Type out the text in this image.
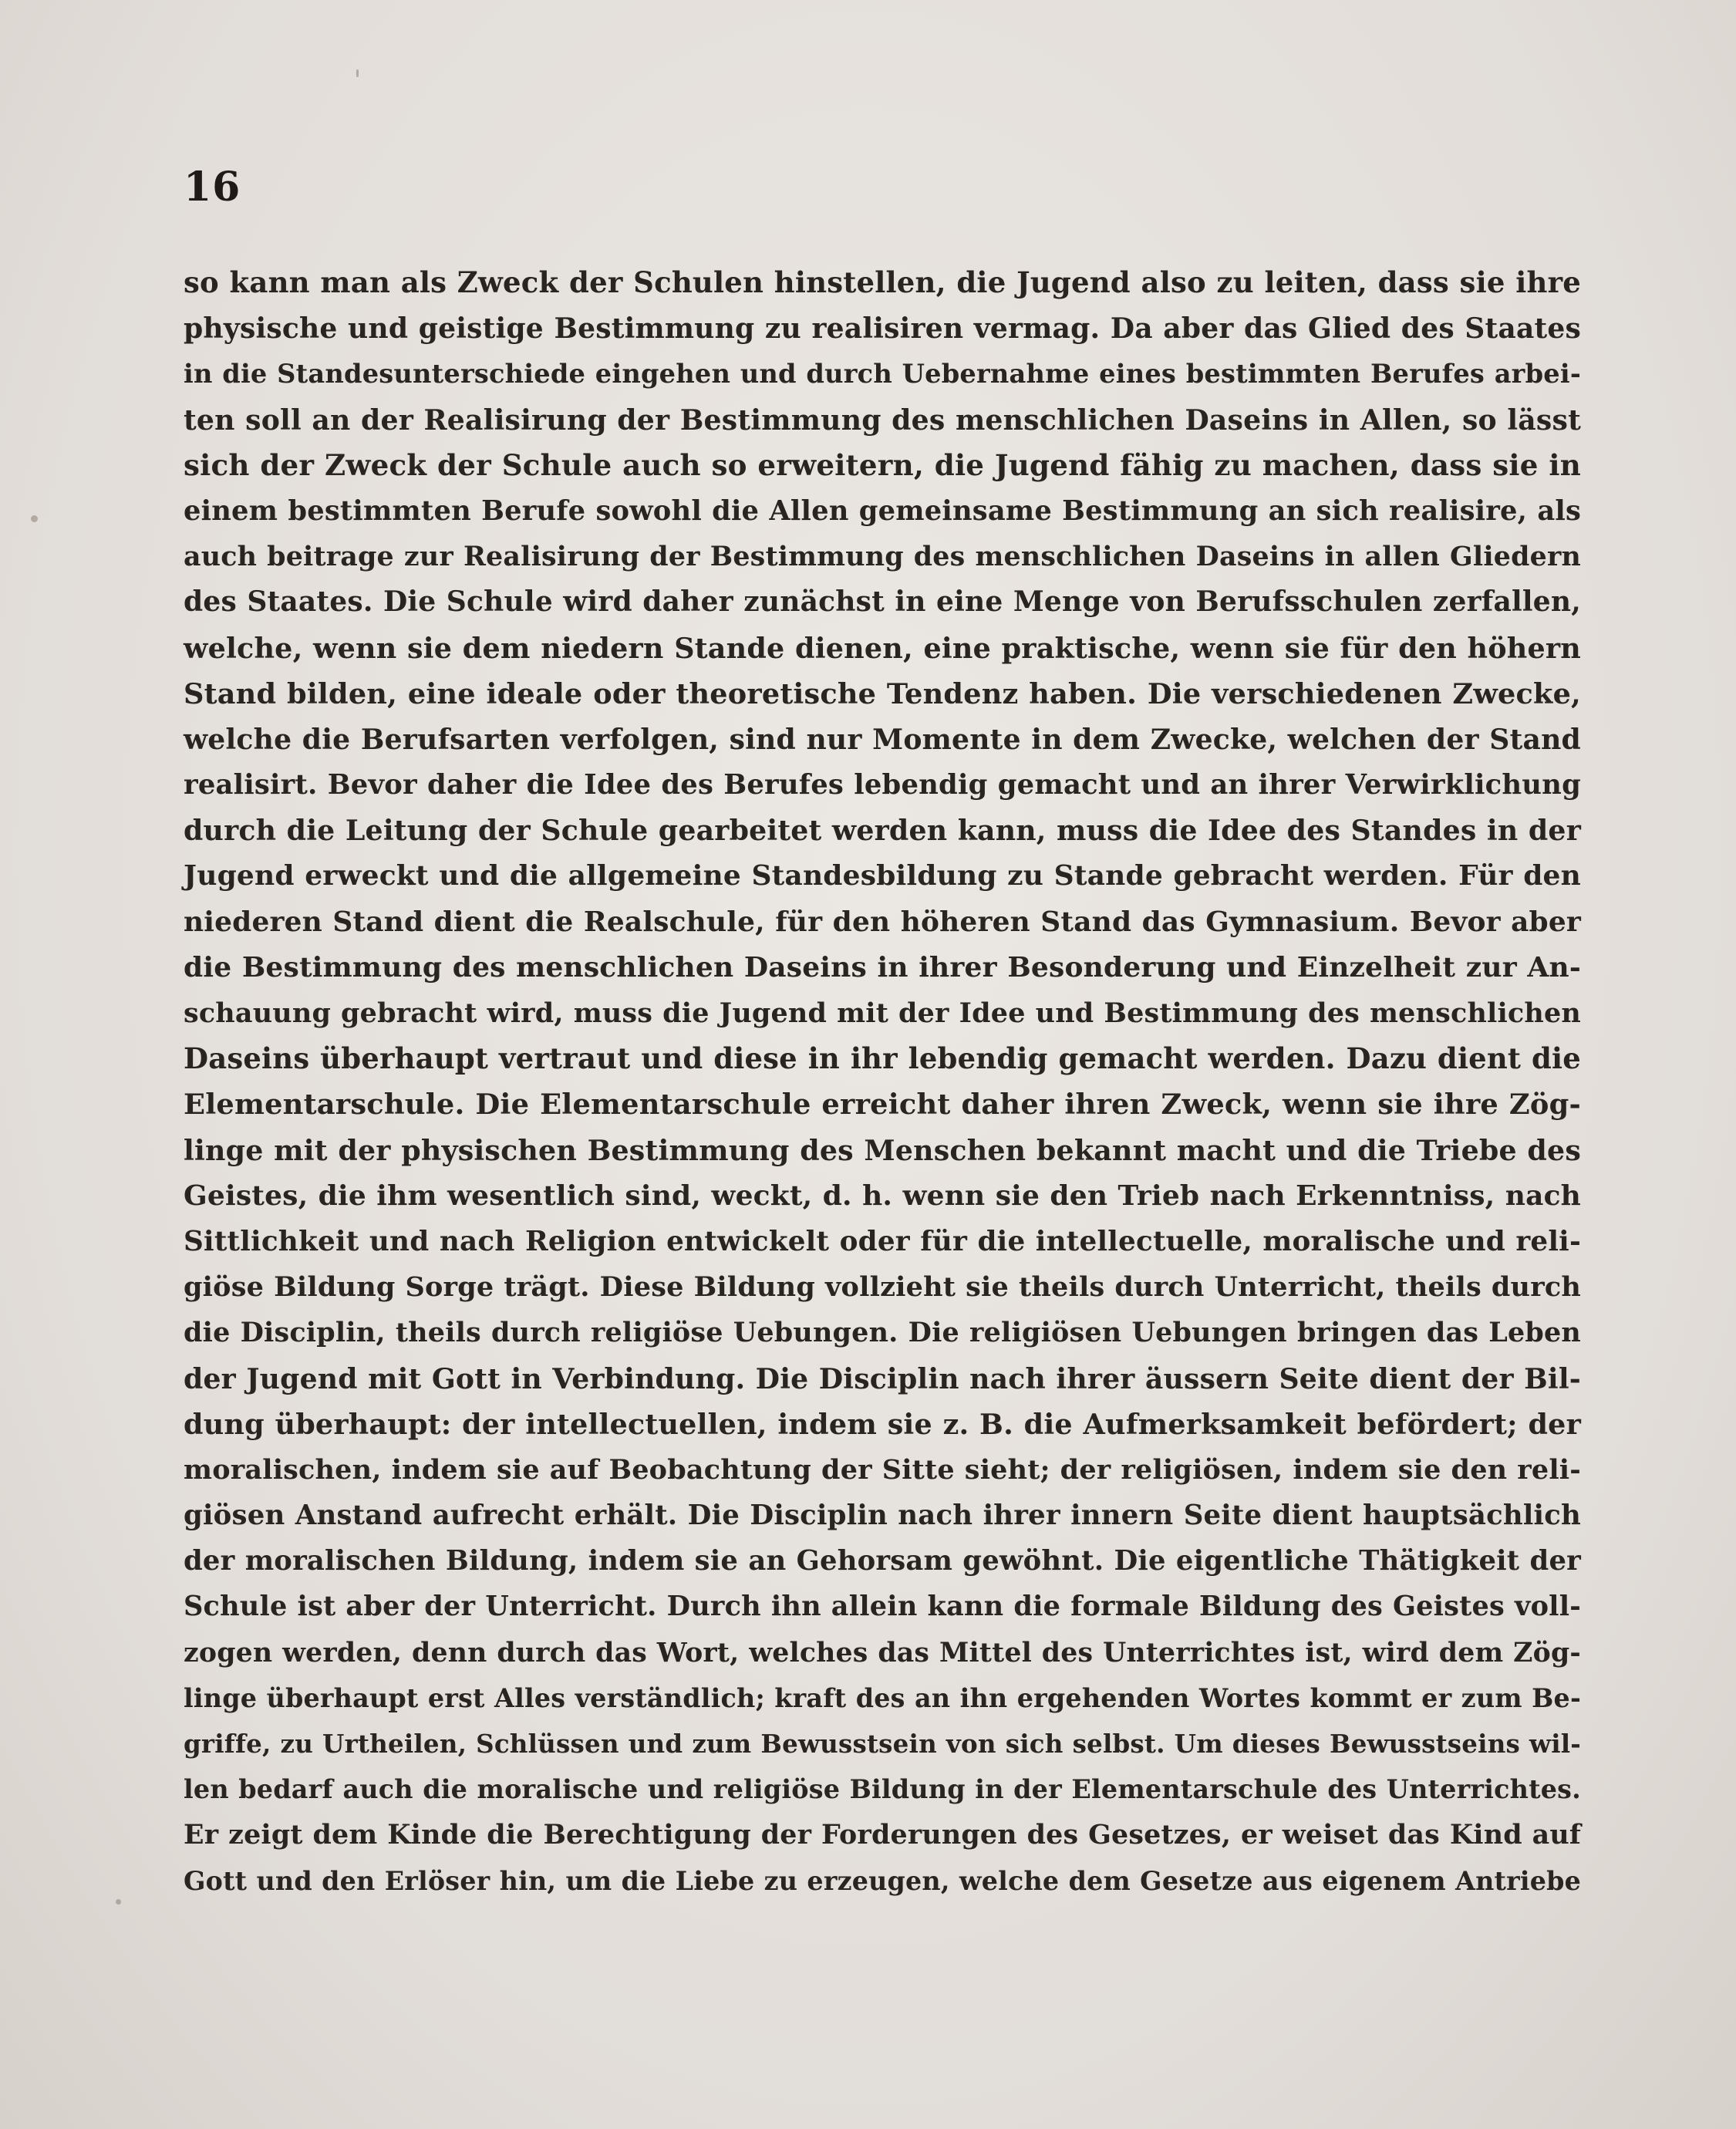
16
so kann man als Zweck der Schulen hinstellen, die Jugend also zu leiten, dass sie ihre
physische und geistige Bestimmung zu realisiren vermag. Da aber das Glied des Staates
in die Standesunterschiede eingehen und durch Uebernahme eines bestimmten Berufes arbei-
ten soll an der Realisirung der Bestimmung des menschlichen Daseins in Allen, so lässt
sich der Zweck der Schule auch so erweitern, die Jugend fähig zu machen, dass sie in
einem bestimmten Berufe sowohl die Allen gemeinsame Bestimmung an sich realisire, als
auch beitrage zur Realisirung der Bestimmung des menschlichen Daseins in allen Gliedern
des Staates. Die Schule wird daher zunächst in eine Menge von Berufsschulen zerfallen,
welche, wenn sie dem niedern Stande dienen, eine praktische, wenn sie für den höhern
Stand bilden, eine ideale oder theoretische Tendenz haben. Die verschiedenen Zwecke,
welche die Berufsarten verfolgen, sind nur Momente in dem Zwecke, welchen der Stand
realisirt. Bevor daher die Idee des Berufes lebendig gemacht und an ihrer Verwirklichung
durch die Leitung der Schule gearbeitet werden kann, muss die Idee des Standes in der
Jugend erweckt und die allgemeine Standesbildung zu Stande gebracht werden. Für den
niederen Stand dient die Realschule, für den höheren Stand das Gymnasium. Bevor aber
die Bestimmung des menschlichen Daseins in ihrer Besonderung und Einzelheit zur An-
schauung gebracht wird, muss die Jugend mit der Idee und Bestimmung des menschlichen
Daseins überhaupt vertraut und diese in ihr lebendig gemacht werden. Dazu dient die
Elementarschule. Die Elementarschule erreicht daher ihren Zweck, wenn sie ihre Zög-
linge mit der physischen Bestimmung des Menschen bekannt macht und die Triebe des
Geistes, die ihm wesentlich sind, weckt, d. h. wenn sie den Trieb nach Erkenntniss, nach
Sittlichkeit und nach Religion entwickelt oder für die intellectuelle, moralische und reli-
giöse Bildung Sorge trägt. Diese Bildung vollzieht sie theils durch Unterricht, theils durch
die Disciplin, theils durch religiöse Uebungen. Die religiösen Uebungen bringen das Leben
der Jugend mit Gott in Verbindung. Die Disciplin nach ihrer äussern Seite dient der Bil-
dung überhaupt: der intellectuellen, indem sie z. B. die Aufmerksamkeit befördert; der
moralischen, indem sie auf Beobachtung der Sitte sieht; der religiösen, indem sie den reli-
giösen Anstand aufrecht erhält. Die Disciplin nach ihrer innern Seite dient hauptsächlich
der moralischen Bildung, indem sie an Gehorsam gewöhnt. Die eigentliche Thätigkeit der
Schule ist aber der Unterricht. Durch ihn allein kann die formale Bildung des Geistes voll-
zogen werden, denn durch das Wort, welches das Mittel des Unterrichtes ist, wird dem Zög-
linge überhaupt erst Alles verständlich; kraft des an ihn ergehenden Wortes kommt er zum Be-
griffe, zu Urtheilen, Schlüssen und zum Bewusstsein von sich selbst. Um dieses Bewusstseins wil-
len bedarf auch die moralische und religiöse Bildung in der Elementarschule des Unterrichtes.
Er zeigt dem Kinde die Berechtigung der Forderungen des Gesetzes, er weiset das Kind auf
Gott und den Erlöser hin, um die Liebe zu erzeugen, welche dem Gesetze aus eigenem Antriebe
